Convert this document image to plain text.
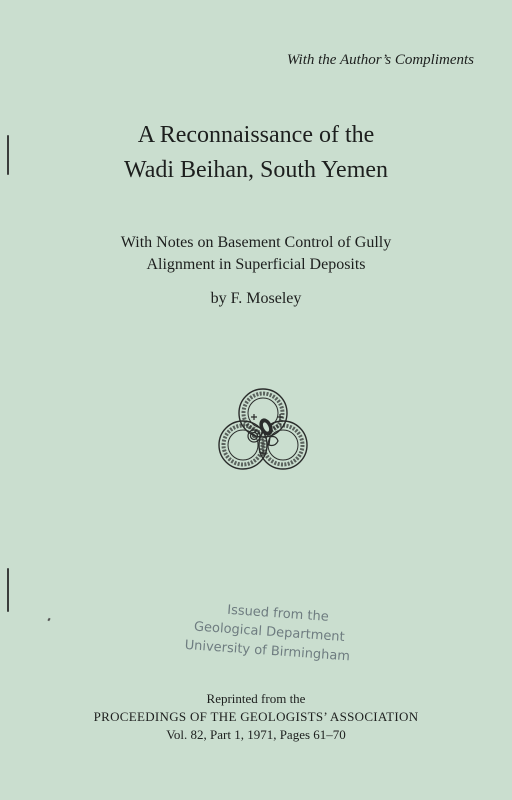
With the Author’s Compliments
A Reconnaissance of the
Wadi Beihan, South Yemen
With Notes on Basement Control of Gully
Alignment in Superficial Deposits
by F. Moseley
Issued from the
Geological Department
University of Birmingham
Reprinted from the
PROCEEDINGS OF THE GEOLOGISTS’ ASSOCIATION
Vol. 82, Part 1, 1971, Pages 61–70
